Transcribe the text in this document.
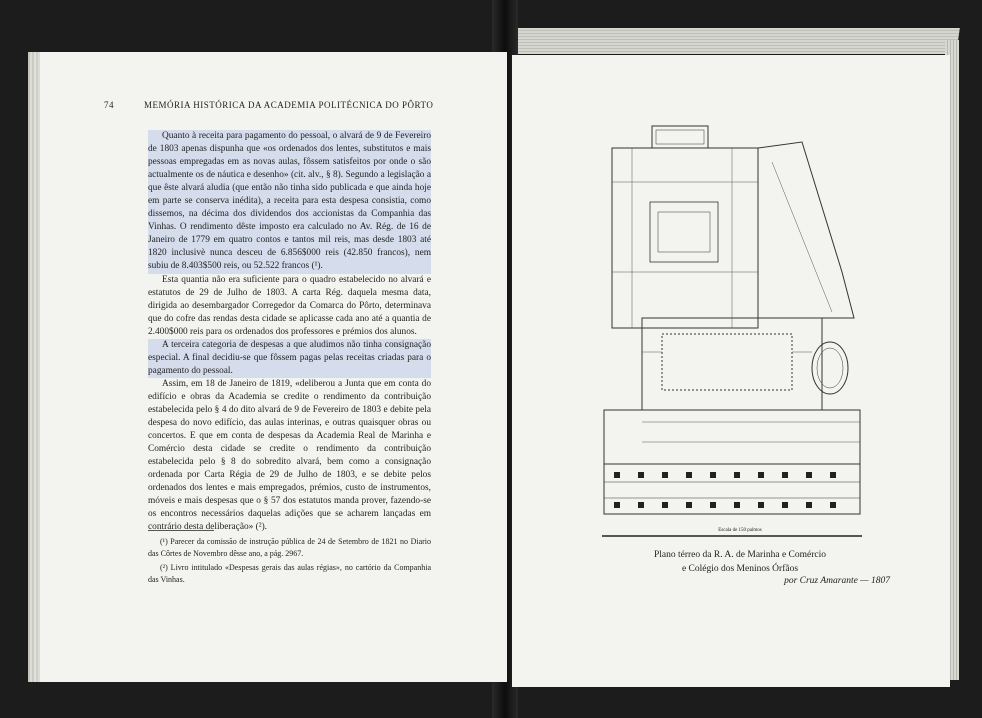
74	MEMÓRIA HISTÓRICA DA ACADEMIA POLITÉCNICA DO PÔRTO

Quanto à receita para pagamento do pessoal, o alvará de 9 de Fevereiro de 1803 apenas dispunha que «os ordenados dos lentes, substitutos e mais pessoas empregadas em as novas aulas, fôssem satisfeitos por onde o são actualmente os de náutica e desenho» (cit. alv., § 8). Segundo a legislação a que êste alvará aludia (que então não tinha sido publicada e que ainda hoje em parte se conserva inédita), a receita para esta despesa consistia, como dissemos, na décima dos dividendos dos accionistas da Companhia das Vinhas. O rendimento dêste imposto era calculado no Av. Rég. de 16 de Janeiro de 1779 em quatro contos e tantos mil reis, mas desde 1803 até 1820 inclusivè nunca desceu de 6.856$000 reis (42.850 francos), nem subiu de 8.403$500 reis, ou 52.522 francos (¹).

Esta quantia não era suficiente para o quadro estabelecido no alvará e estatutos de 29 de Julho de 1803. A carta Rég. daquela mesma data, dirigida ao desembargador Corregedor da Comarca do Pôrto, determinava que do cofre das rendas desta cidade se aplicasse cada ano até a quantia de 2.400$000 reis para os ordenados dos professores e prémios dos alunos.

A terceira categoria de despesas a que aludimos não tinha consignação especial. A final decidiu-se que fôssem pagas pelas receitas criadas para o pagamento do pessoal.

Assim, em 18 de Janeiro de 1819, «deliberou a Junta que em conta do edifício e obras da Academia se credite o rendimento da contribuição estabelecida pelo § 4 do dito alvará de 9 de Fevereiro de 1803 e debite pela despesa do novo edifício, das aulas interinas, e outras quaisquer obras ou concertos. E que em conta de despesas da Academia Real de Marinha e Comércio desta cidade se credite o rendimento da contribuição estabelecida pelo § 8 do sobredito alvará, bem como a consignação ordenada por Carta Régia de 29 de Julho de 1803, e se debite pelos ordenados dos lentes e mais empregados, prémios, custo de instrumentos, móveis e mais despesas que o § 57 dos estatutos manda prover, fazendo-se os encontros necessários daquelas adições que se acharem lançadas em contrário desta deliberação» (²).

(¹) Parecer da comissão de instrução pública de 24 de Setembro de 1821 no Diario das Côrtes de Novembro dêsse ano, a pág. 2967.

(²) Livro intitulado «Despesas gerais das aulas régias», no cartório da Companhia das Vinhas.

Escala de 150 palmos
Plano térreo da R. A. de Marinha e Comércio
e Colégio dos Meninos Órfãos
por Cruz Amarante — 1807
